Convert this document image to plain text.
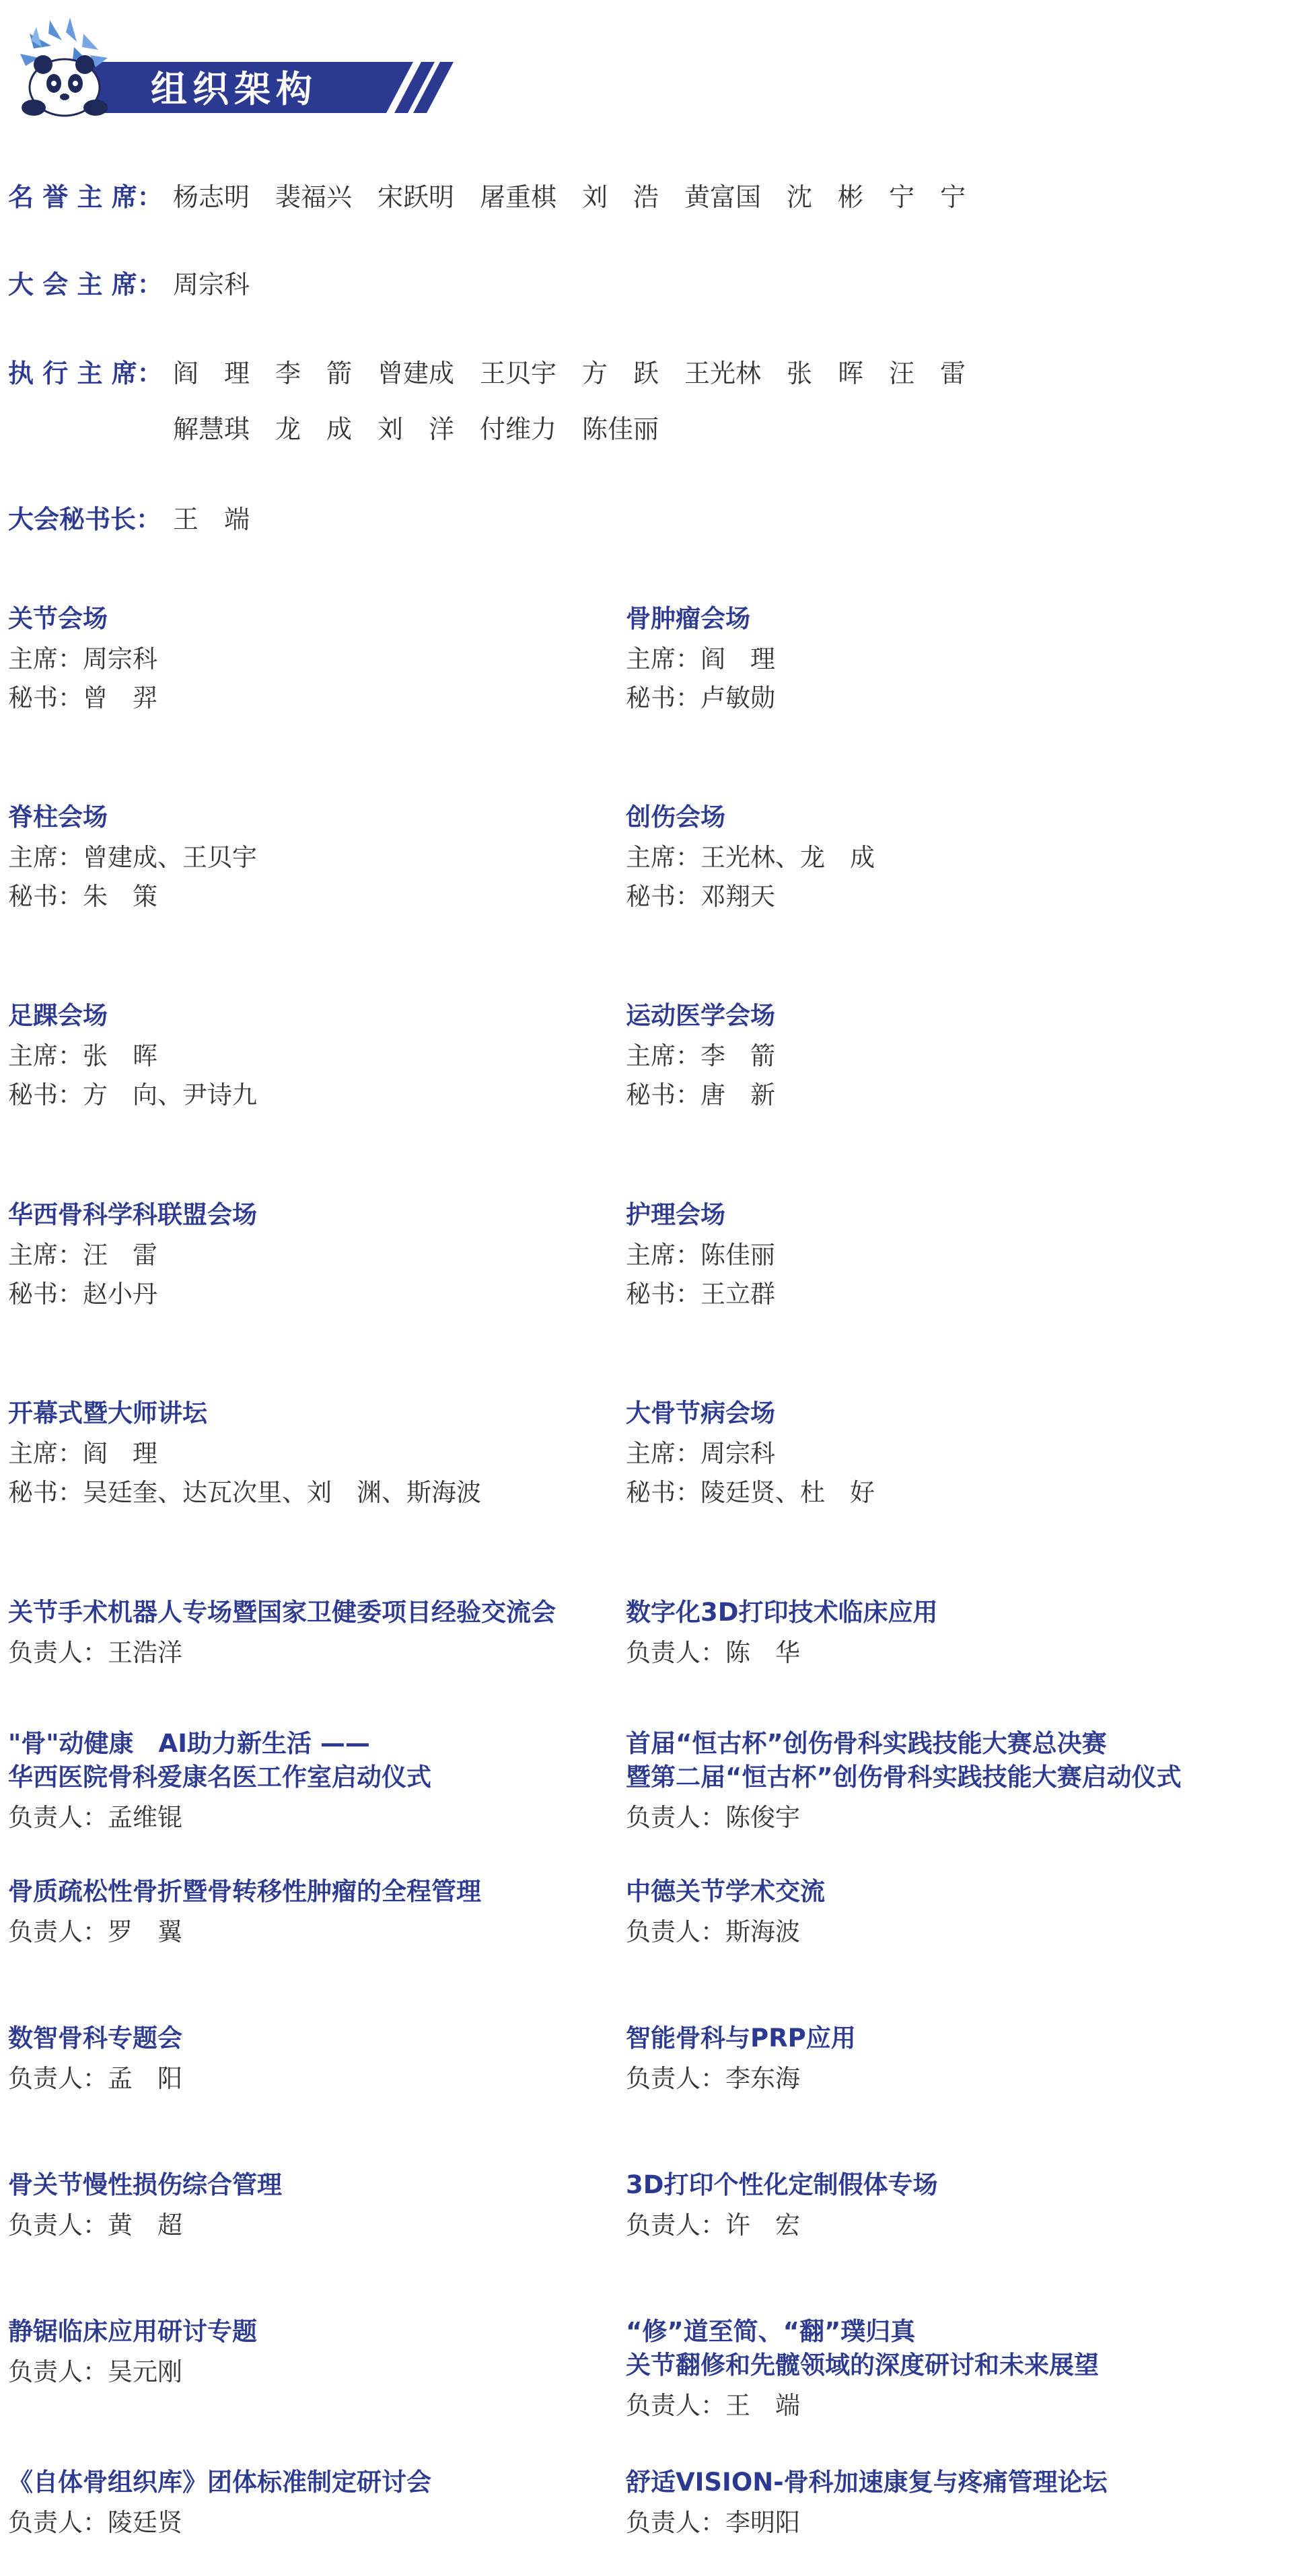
组织架构
名 誉 主 席： 杨志明　裴福兴　宋跃明　屠重棋　刘　浩　黄富国　沈　彬　宁　宁
大 会 主 席： 周宗科
执 行 主 席： 阎　理　李　箭　曾建成　王贝宇　方　跃　王光林　张　晖　汪　雷
解慧琪　龙　成　刘　洋　付维力　陈佳丽
大会秘书长： 王　端
关节会场
主席：周宗科
秘书：曾　羿
骨肿瘤会场
主席：阎　理
秘书：卢敏勋
脊柱会场
主席：曾建成、王贝宇
秘书：朱　策
创伤会场
主席：王光林、龙　成
秘书：邓翔天
足踝会场
主席：张　晖
秘书：方　向、尹诗九
运动医学会场
主席：李　箭
秘书：唐　新
华西骨科学科联盟会场
主席：汪　雷
秘书：赵小丹
护理会场
主席：陈佳丽
秘书：王立群
开幕式暨大师讲坛
主席：阎　理
秘书：吴廷奎、达瓦次里、刘　渊、斯海波
大骨节病会场
主席：周宗科
秘书：陵廷贤、杜　好
关节手术机器人专场暨国家卫健委项目经验交流会
负责人：王浩洋
数字化3D打印技术临床应用
负责人：陈　华
"骨"动健康　AI助力新生活 ——
华西医院骨科爱康名医工作室启动仪式
负责人：孟维锟
首届“恒古杯”创伤骨科实践技能大赛总决赛
暨第二届“恒古杯”创伤骨科实践技能大赛启动仪式
负责人：陈俊宇
骨质疏松性骨折暨骨转移性肿瘤的全程管理
负责人：罗　翼
中德关节学术交流
负责人：斯海波
数智骨科专题会
负责人：孟　阳
智能骨科与PRP应用
负责人：李东海
骨关节慢性损伤综合管理
负责人：黄　超
3D打印个性化定制假体专场
负责人：许　宏
静锯临床应用研讨专题
负责人：吴元刚
“修”道至简、“翻”璞归真
关节翻修和先髋领域的深度研讨和未来展望
负责人：王　端
《自体骨组织库》团体标准制定研讨会
负责人：陵廷贤
舒适VISION-骨科加速康复与疼痛管理论坛
负责人：李明阳
